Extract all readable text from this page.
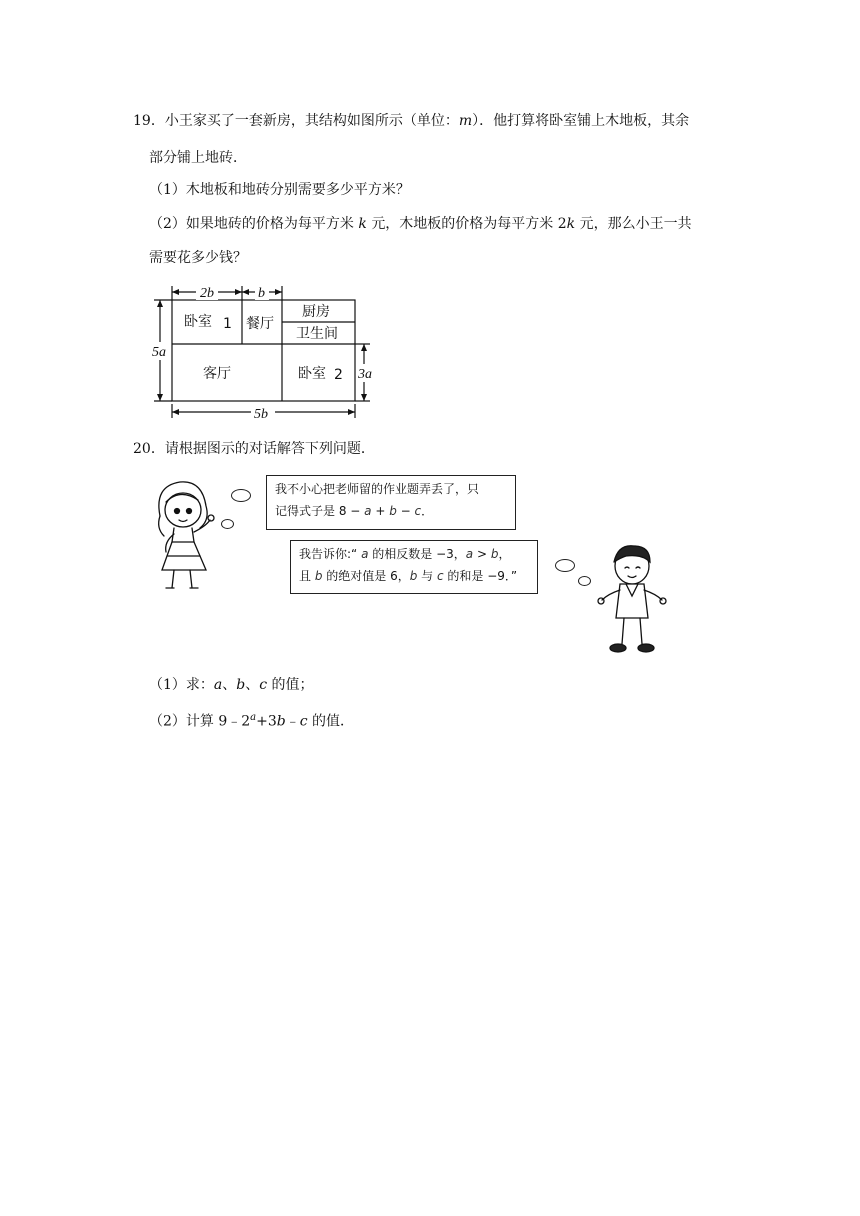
19．小王家买了一套新房，其结构如图所示（单位：m）．他打算将卧室铺上木地板，其余
部分铺上地砖．
（1）木地板和地砖分别需要多少平方米？
（2）如果地砖的价格为每平方米 k 元，木地板的价格为每平方米 2k 元，那么小王一共
需要花多少钱？
2b	b
5a
3a
5b
卧室 1 餐厅
厨房
卫生间
客厅	卧室 2
20．请根据图示的对话解答下列问题．
我不小心把老师留的作业题弄丢了，只
记得式子是 8 − a + b − c．
我告诉你:“ a 的相反数是 −3，a > b，
且 b 的绝对值是 6，b 与 c 的和是 −9．”
（1）求：a、b、c 的值；
（2）计算 $9﹣2^a+3b﹣c$ 的值．
